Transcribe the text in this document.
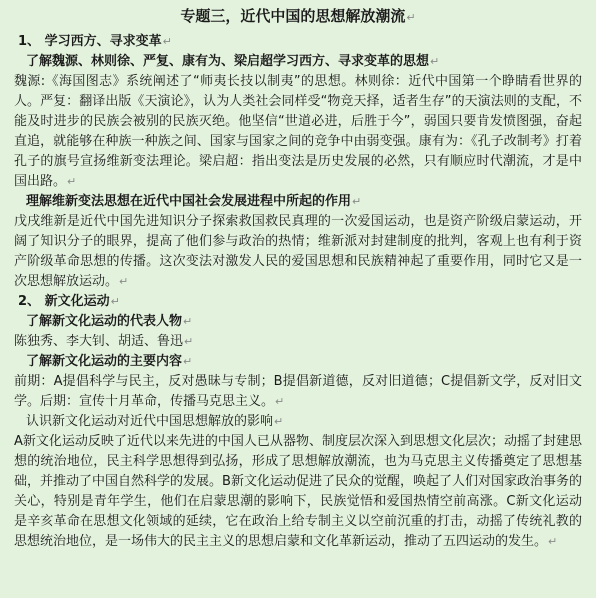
专题三，近代中国的思想解放潮流↵
1、 学习西方、寻求变革↵
了解魏源、林则徐、严复、康有为、梁启超学习西方、寻求变革的思想↵

魏源:《海国图志》系统阐述了“师夷长技以制夷”的思想。林则徐：近代中国第一个睁睛看世界的人。严复：翻译出版《天演论》，认为人类社会同样受“物竞天择，适者生存”的天演法则的支配，不能及时进步的民族会被别的民族灭绝。他坚信“世道必进，后胜于今”，弱国只要肯发愤图强，奋起直追，就能够在种族一种族之间、国家与国家之间的竞争中由弱变强。康有为：《孔子改制考》打着孔子的旗号宣扬维新变法理论。梁启超：指出变法是历史发展的必然，只有顺应时代潮流，才是中国出路。↵

理解维新变法思想在近代中国社会发展进程中所起的作用↵

戊戌维新是近代中国先进知识分子探索救国救民真理的一次爱国运动，也是资产阶级启蒙运动，开阔了知识分子的眼界，提高了他们参与政治的热情；维新派对封建制度的批判，客观上也有利于资产阶级革命思想的传播。这次变法对激发人民的爱国思想和民族精神起了重要作用，同时它又是一次思想解放运动。↵

2、 新文化运动↵
了解新文化运动的代表人物↵

陈独秀、李大钊、胡适、鲁迅↵

了解新文化运动的主要内容↵

前期：A提倡科学与民主，反对愚昧与专制；B提倡新道德，反对旧道德；C提倡新文学，反对旧文学。后期：宣传十月革命，传播马克思主义。↵

认识新文化运动对近代中国思想解放的影响↵

A新文化运动反映了近代以来先进的中国人已从器物、制度层次深入到思想文化层次；动摇了封建思想的统治地位，民主科学思想得到弘扬，形成了思想解放潮流，也为马克思主义传播奠定了思想基础，并推动了中国自然科学的发展。B新文化运动促进了民众的觉醒，唤起了人们对国家政治事务的关心，特别是青年学生，他们在启蒙思潮的影响下，民族觉悟和爱国热情空前高涨。C新文化运动是辛亥革命在思想文化领域的延续，它在政治上给专制主义以空前沉重的打击，动摇了传统礼教的思想统治地位，是一场伟大的民主主义的思想启蒙和文化革新运动，推动了五四运动的发生。↵
